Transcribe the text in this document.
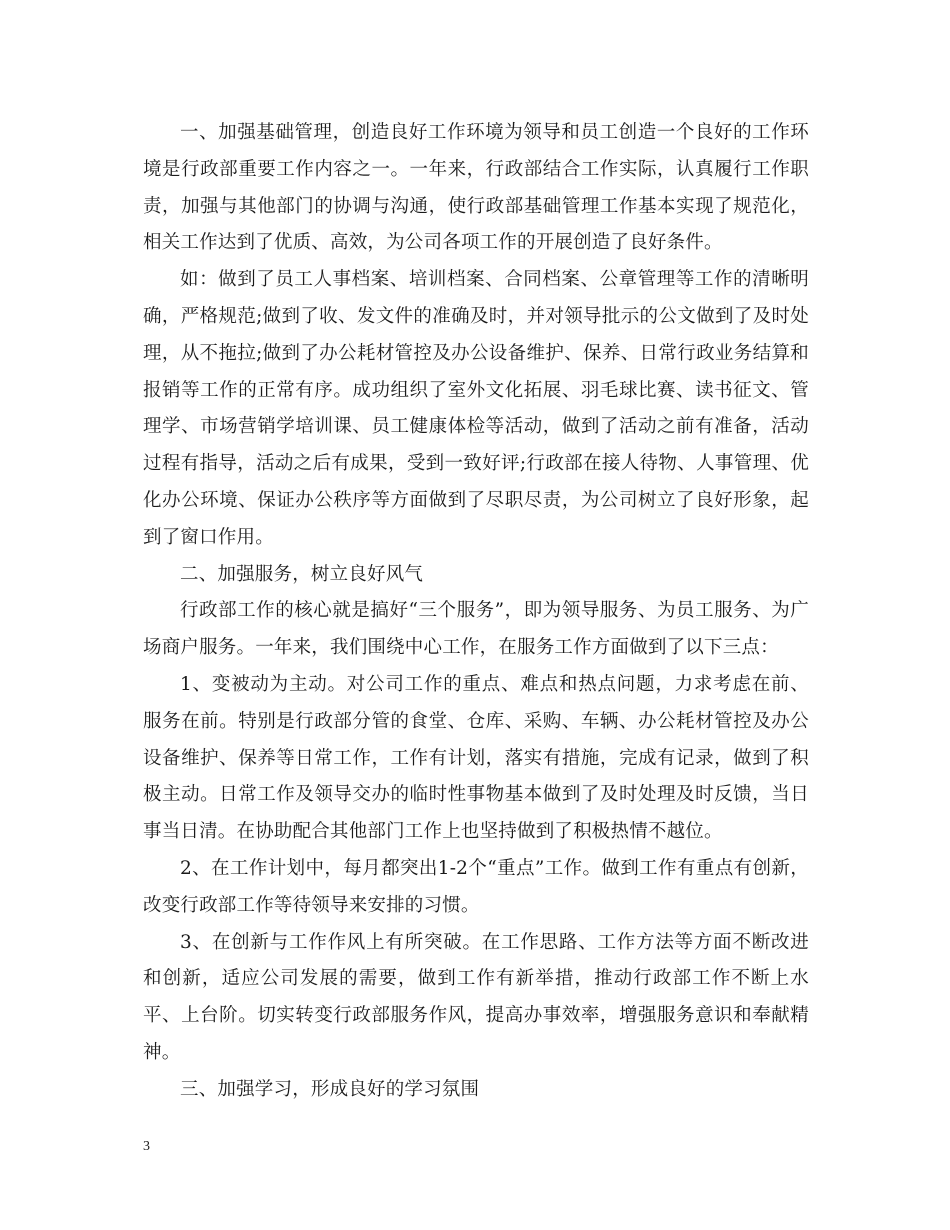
一、加强基础管理，创造良好工作环境为领导和员工创造一个良好的工作环境是行政部重要工作内容之一。一年来，行政部结合工作实际，认真履行工作职责，加强与其他部门的协调与沟通，使行政部基础管理工作基本实现了规范化，相关工作达到了优质、高效，为公司各项工作的开展创造了良好条件。

如：做到了员工人事档案、培训档案、合同档案、公章管理等工作的清晰明确，严格规范;做到了收、发文件的准确及时，并对领导批示的公文做到了及时处理，从不拖拉;做到了办公耗材管控及办公设备维护、保养、日常行政业务结算和报销等工作的正常有序。成功组织了室外文化拓展、羽毛球比赛、读书征文、管理学、市场营销学培训课、员工健康体检等活动，做到了活动之前有准备，活动过程有指导，活动之后有成果，受到一致好评;行政部在接人待物、人事管理、优化办公环境、保证办公秩序等方面做到了尽职尽责，为公司树立了良好形象，起到了窗口作用。

二、加强服务，树立良好风气

行政部工作的核心就是搞好“三个服务”，即为领导服务、为员工服务、为广场商户服务。一年来，我们围绕中心工作，在服务工作方面做到了以下三点：

1、变被动为主动。对公司工作的重点、难点和热点问题，力求考虑在前、服务在前。特别是行政部分管的食堂、仓库、采购、车辆、办公耗材管控及办公设备维护、保养等日常工作，工作有计划，落实有措施，完成有记录，做到了积极主动。日常工作及领导交办的临时性事物基本做到了及时处理及时反馈，当日事当日清。在协助配合其他部门工作上也坚持做到了积极热情不越位。

2、在工作计划中，每月都突出1-2个“重点”工作。做到工作有重点有创新，改变行政部工作等待领导来安排的习惯。

3、在创新与工作作风上有所突破。在工作思路、工作方法等方面不断改进和创新，适应公司发展的需要，做到工作有新举措，推动行政部工作不断上水平、上台阶。切实转变行政部服务作风，提高办事效率，增强服务意识和奉献精神。

三、加强学习，形成良好的学习氛围

3
